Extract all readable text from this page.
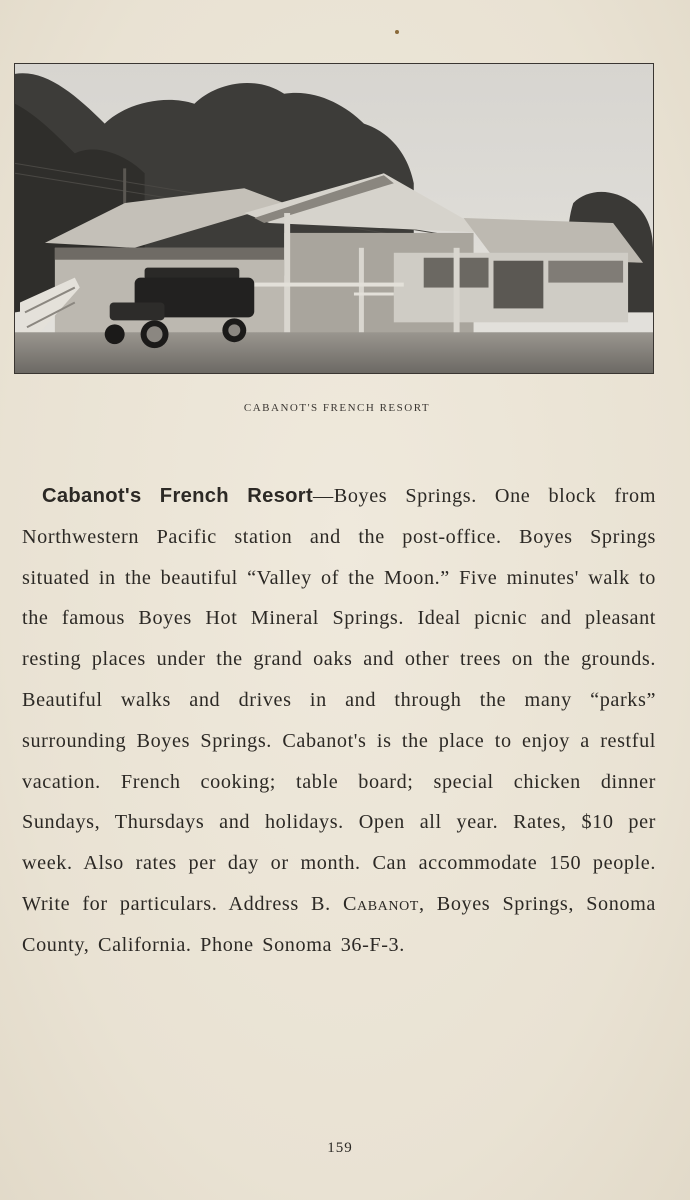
CABANOT'S FRENCH RESORT
Cabanot's French Resort—Boyes Springs. One block from Northwestern Pacific station and the post-office. Boyes Springs situated in the beautiful “Valley of the Moon.” Five minutes' walk to the famous Boyes Hot Mineral Springs. Ideal picnic and pleasant resting places under the grand oaks and other trees on the grounds. Beautiful walks and drives in and through the many “parks” surrounding Boyes Springs. Cabanot's is the place to enjoy a restful vacation. French cooking; table board; special chicken dinner Sundays, Thursdays and holidays. Open all year. Rates, $10 per week. Also rates per day or month. Can accommodate 150 people. Write for particulars. Address B. Cabanot, Boyes Springs, Sonoma County, California. Phone Sonoma 36-F-3.
159
